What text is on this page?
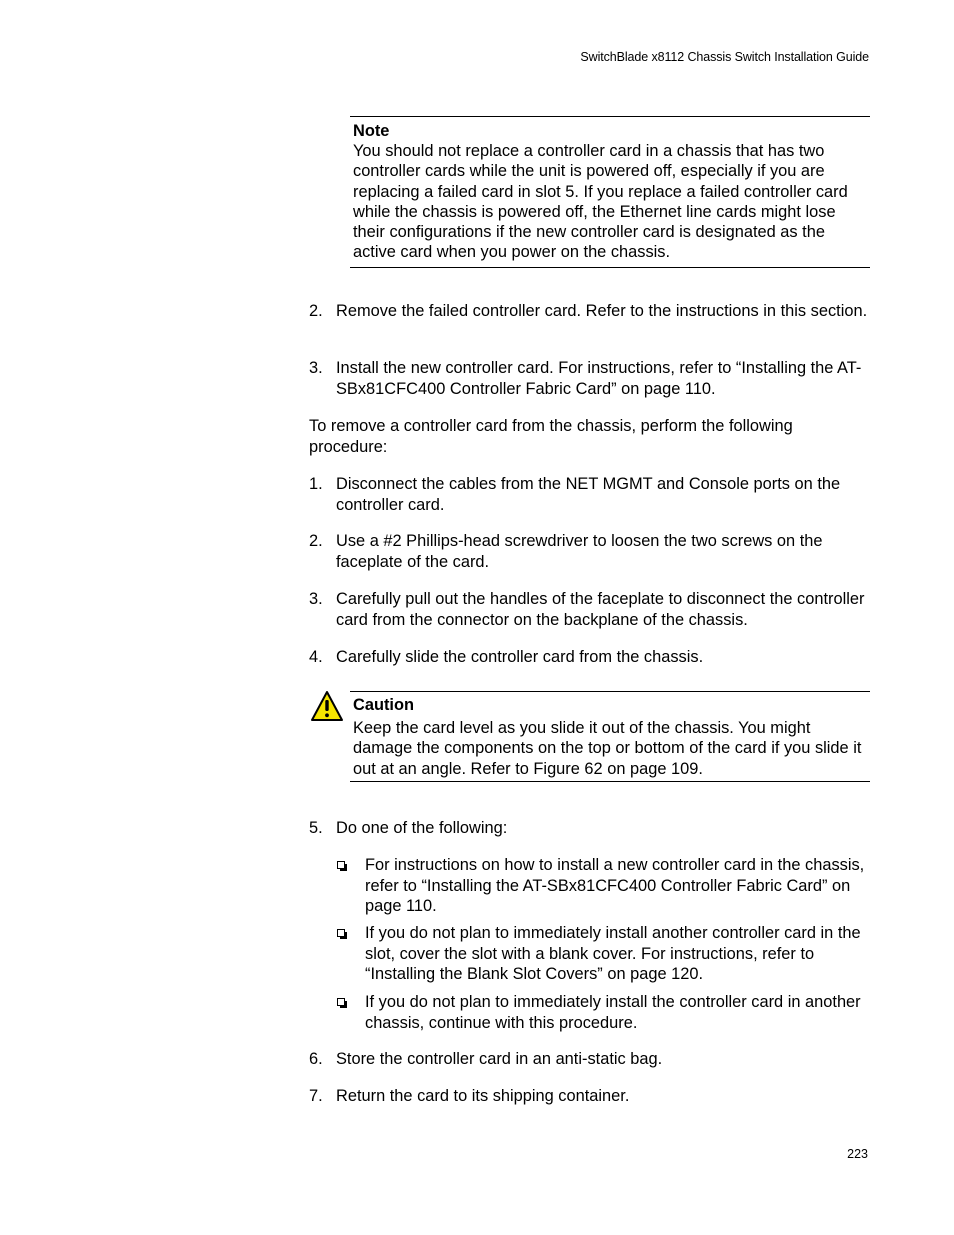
SwitchBlade x8112 Chassis Switch Installation Guide
Note
You should not replace a controller card in a chassis that has two controller cards while the unit is powered off, especially if you are replacing a failed card in slot 5. If you replace a failed controller card while the chassis is powered off, the Ethernet line cards might lose their configurations if the new controller card is designated as the active card when you power on the chassis.
2. Remove the failed controller card. Refer to the instructions in this section.
3. Install the new controller card. For instructions, refer to “Installing the AT-SBx81CFC400 Controller Fabric Card” on page 110.
To remove a controller card from the chassis, perform the following procedure:
1. Disconnect the cables from the NET MGMT and Console ports on the controller card.
2. Use a #2 Phillips-head screwdriver to loosen the two screws on the faceplate of the card.
3. Carefully pull out the handles of the faceplate to disconnect the controller card from the connector on the backplane of the chassis.
4. Carefully slide the controller card from the chassis.
Caution
Keep the card level as you slide it out of the chassis. You might damage the components on the top or bottom of the card if you slide it out at an angle. Refer to Figure 62 on page 109.
5. Do one of the following:
For instructions on how to install a new controller card in the chassis, refer to “Installing the AT-SBx81CFC400 Controller Fabric Card” on page 110.
If you do not plan to immediately install another controller card in the slot, cover the slot with a blank cover. For instructions, refer to “Installing the Blank Slot Covers” on page 120.
If you do not plan to immediately install the controller card in another chassis, continue with this procedure.
6. Store the controller card in an anti-static bag.
7. Return the card to its shipping container.
223
